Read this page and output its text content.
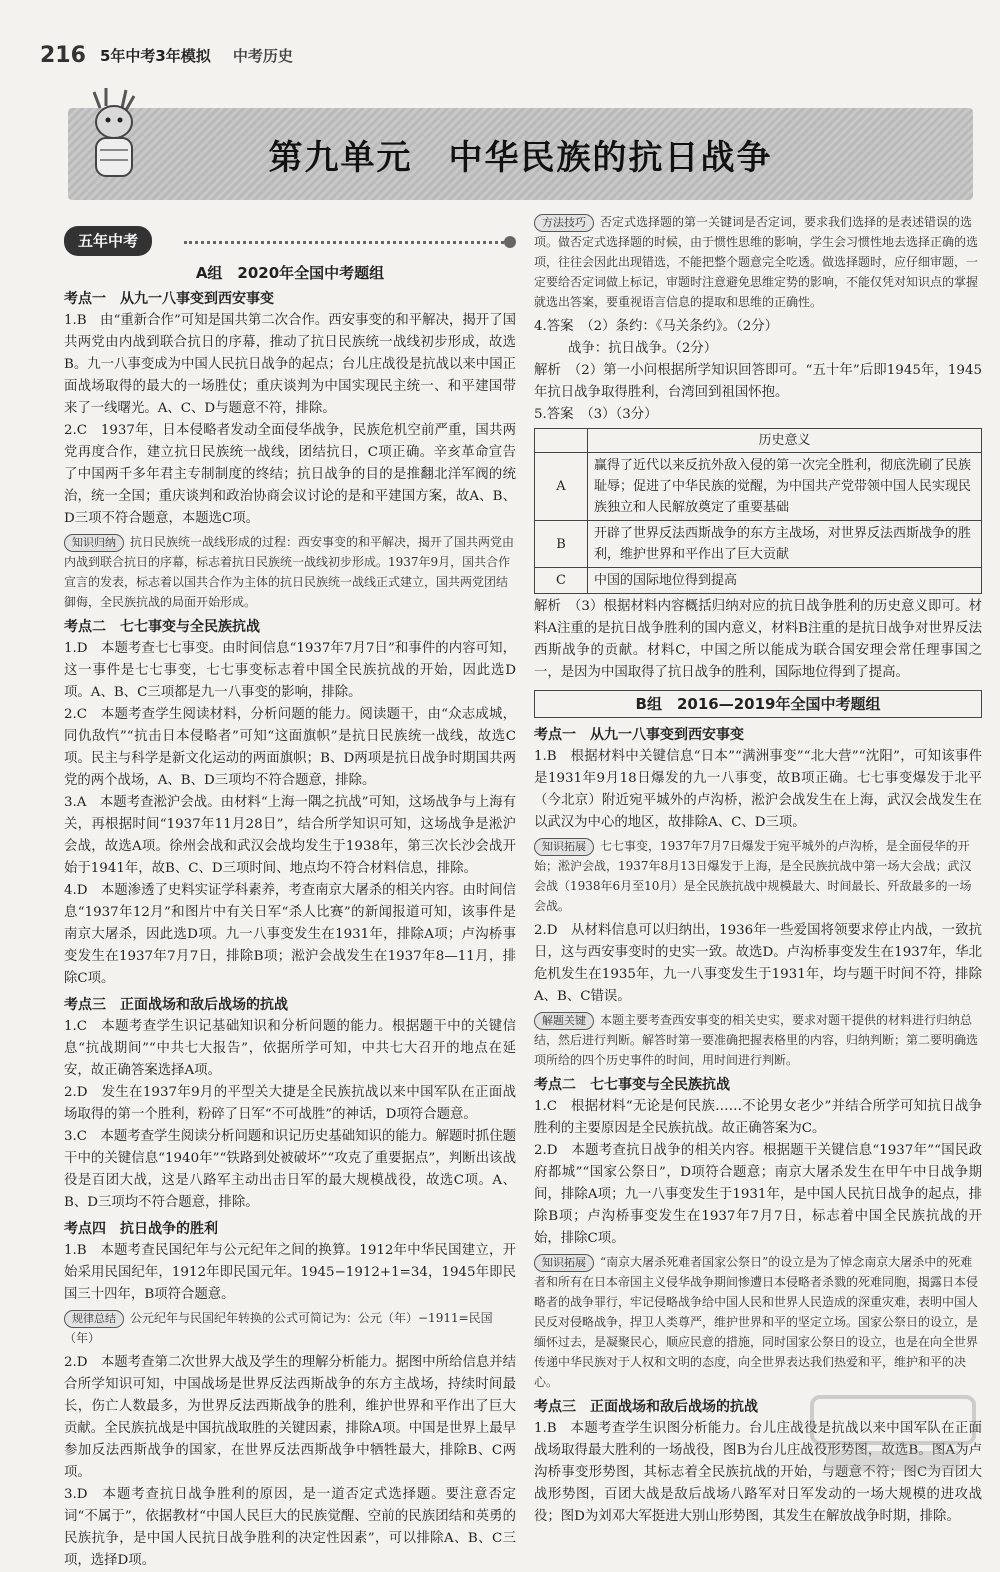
216 5年中考3年模拟 中考历史
第九单元　中华民族的抗日战争
五年中考
A组　2020年全国中考题组
考点一　从九一八事变到西安事变
1.B　由“重新合作”可知是国共第二次合作。西安事变的和平解决，揭开了国共两党由内战到联合抗日的序幕，推动了抗日民族统一战线初步形成，故选B。九一八事变成为中国人民抗日战争的起点；台儿庄战役是抗战以来中国正面战场取得的最大的一场胜仗；重庆谈判为中国实现民主统一、和平建国带来了一线曙光。A、C、D与题意不符，排除。
2.C　1937年，日本侵略者发动全面侵华战争，民族危机空前严重，国共两党再度合作，建立抗日民族统一战线，团结抗日，C项正确。辛亥革命宣告了中国两千多年君主专制制度的终结；抗日战争的目的是推翻北洋军阀的统治，统一全国；重庆谈判和政治协商会议讨论的是和平建国方案，故A、B、D三项不符合题意，本题选C项。
知识归纳 抗日民族统一战线形成的过程：西安事变的和平解决，揭开了国共两党由内战到联合抗日的序幕，标志着抗日民族统一战线初步形成。1937年9月，国共合作宣言的发表，标志着以国共合作为主体的抗日民族统一战线正式建立，国共两党团结御侮，全民族抗战的局面开始形成。
考点二　七七事变与全民族抗战
1.D　本题考查七七事变。由时间信息“1937年7月7日”和事件的内容可知，这一事件是七七事变，七七事变标志着中国全民族抗战的开始，因此选D项。A、B、C三项都是九一八事变的影响，排除。
2.C　本题考查学生阅读材料，分析问题的能力。阅读题干，由“众志成城，同仇敌忾”“抗击日本侵略者”可知“这面旗帜”是抗日民族统一战线，故选C项。民主与科学是新文化运动的两面旗帜；B、D两项是抗日战争时期国共两党的两个战场，A、B、D三项均不符合题意，排除。
3.A　本题考查淞沪会战。由材料“上海一隅之抗战”可知，这场战争与上海有关，再根据时间“1937年11月28日”，结合所学知识可知，这场战争是淞沪会战，故选A项。徐州会战和武汉会战均发生于1938年，第三次长沙会战开始于1941年，故B、C、D三项时间、地点均不符合材料信息，排除。
4.D　本题渗透了史料实证学科素养，考查南京大屠杀的相关内容。由时间信息“1937年12月”和图片中有关日军“杀人比赛”的新闻报道可知，该事件是南京大屠杀，因此选D项。九一八事变发生在1931年，排除A项；卢沟桥事变发生在1937年7月7日，排除B项；淞沪会战发生在1937年8—11月，排除C项。
考点三　正面战场和敌后战场的抗战
1.C　本题考查学生识记基础知识和分析问题的能力。根据题干中的关键信息“抗战期间”“中共七大报告”，依据所学可知，中共七大召开的地点在延安，故正确答案选择A项。
2.D　发生在1937年9月的平型关大捷是全民族抗战以来中国军队在正面战场取得的第一个胜利，粉碎了日军“不可战胜”的神话，D项符合题意。
3.C　本题考查学生阅读分析问题和识记历史基础知识的能力。解题时抓住题干中的关键信息“1940年”“铁路到处被破坏”“攻克了重要据点”，判断出该战役是百团大战，这是八路军主动出击日军的最大规模战役，故选C项。A、B、D三项均不符合题意，排除。
考点四　抗日战争的胜利
1.B　本题考查民国纪年与公元纪年之间的换算。1912年中华民国建立，开始采用民国纪年，1912年即民国元年。1945−1912+1=34，1945年即民国三十四年，B项符合题意。
规律总结 公元纪年与民国纪年转换的公式可简记为：公元（年）−1911=民国（年）
2.D　本题考查第二次世界大战及学生的理解分析能力。据图中所给信息并结合所学知识可知，中国战场是世界反法西斯战争的东方主战场，持续时间最长，伤亡人数最多，为世界反法西斯战争的胜利，维护世界和平作出了巨大贡献。全民族抗战是中国抗战取胜的关键因素，排除A项。中国是世界上最早参加反法西斯战争的国家，在世界反法西斯战争中牺牲最大，排除B、C两项。
3.D　本题考查抗日战争胜利的原因，是一道否定式选择题。要注意否定词“不属于”，依据教材“中国人民巨大的民族觉醒、空前的民族团结和英勇的民族抗争，是中国人民抗日战争胜利的决定性因素”，可以排除A、B、C三项，选择D项。
方法技巧 否定式选择题的第一关键词是否定词，要求我们选择的是表述错误的选项。做否定式选择题的时候，由于惯性思维的影响，学生会习惯性地去选择正确的选项，往往会因此出现错选，不能把整个题意完全吃透。做选择题时，应仔细审题，一定要给否定词做上标记，审题时注意避免思维定势的影响，不能仅凭对知识点的掌握就选出答案，要重视语言信息的提取和思维的正确性。
4.答案　（2）条约：《马关条约》。（2分）
战争：抗日战争。（2分）
解析　（2）第一小问根据所学知识回答即可。“五十年”后即1945年，1945年抗日战争取得胜利，台湾回到祖国怀抱。
5.答案　（3）（3分）
	历史意义
A	赢得了近代以来反抗外敌入侵的第一次完全胜利，彻底洗刷了民族耻辱；促进了中华民族的觉醒，为中国共产党带领中国人民实现民族独立和人民解放奠定了重要基础
B	开辟了世界反法西斯战争的东方主战场，对世界反法西斯战争的胜利，维护世界和平作出了巨大贡献
C	中国的国际地位得到提高
解析　（3）根据材料内容概括归纳对应的抗日战争胜利的历史意义即可。材料A注重的是抗日战争胜利的国内意义，材料B注重的是抗日战争对世界反法西斯战争的贡献。材料C，中国之所以能成为联合国安理会常任理事国之一，是因为中国取得了抗日战争的胜利，国际地位得到了提高。
B组　2016—2019年全国中考题组
考点一　从九一八事变到西安事变
1.B　根据材料中关键信息“日本”“满洲事变”“北大营”“沈阳”，可知该事件是1931年9月18日爆发的九一八事变，故B项正确。七七事变爆发于北平（今北京）附近宛平城外的卢沟桥，淞沪会战发生在上海，武汉会战发生在以武汉为中心的地区，故排除A、C、D三项。
知识拓展 七七事变，1937年7月7日爆发于宛平城外的卢沟桥，是全面侵华的开始；淞沪会战，1937年8月13日爆发于上海，是全民族抗战中第一场大会战；武汉会战（1938年6月至10月）是全民族抗战中规模最大、时间最长、歼敌最多的一场会战。
2.D　从材料信息可以归纳出，1936年一些爱国将领要求停止内战，一致抗日，这与西安事变时的史实一致。故选D。卢沟桥事变发生在1937年，华北危机发生在1935年，九一八事变发生于1931年，均与题干时间不符，排除A、B、C错误。
解题关键 本题主要考查西安事变的相关史实，要求对题干提供的材料进行归纳总结，然后进行判断。解答时第一要准确把握表格里的内容，归纳判断；第二要明确选项所给的四个历史事件的时间，用时间进行判断。
考点二　七七事变与全民族抗战
1.C　根据材料“无论是何民族……不论男女老少”并结合所学可知抗日战争胜利的主要原因是全民族抗战。故正确答案为C。
2.D　本题考查抗日战争的相关内容。根据题干关键信息“1937年”“国民政府都城”“国家公祭日”，D项符合题意；南京大屠杀发生在甲午中日战争期间，排除A项；九一八事变发生于1931年，是中国人民抗日战争的起点，排除B项；卢沟桥事变发生在1937年7月7日，标志着中国全民族抗战的开始，排除C项。
知识拓展 “南京大屠杀死难者国家公祭日”的设立是为了悼念南京大屠杀中的死难者和所有在日本帝国主义侵华战争期间惨遭日本侵略者杀戮的死难同胞，揭露日本侵略者的战争罪行，牢记侵略战争给中国人民和世界人民造成的深重灾难，表明中国人民反对侵略战争，捍卫人类尊严，维护世界和平的坚定立场。国家公祭日的设立，是缅怀过去，是凝聚民心，顺应民意的措施，同时国家公祭日的设立，也是在向全世界传递中华民族对于人权和文明的态度，向全世界表达我们热爱和平，维护和平的决心。
考点三　正面战场和敌后战场的抗战
1.B　本题考查学生识图分析能力。台儿庄战役是抗战以来中国军队在正面战场取得最大胜利的一场战役，图B为台儿庄战役形势图，故选B。图A为卢沟桥事变形势图，其标志着全民族抗战的开始，与题意不符；图C为百团大战形势图，百团大战是敌后战场八路军对日军发动的一场大规模的进攻战役；图D为刘邓大军挺进大别山形势图，其发生在解放战争时期，排除。
